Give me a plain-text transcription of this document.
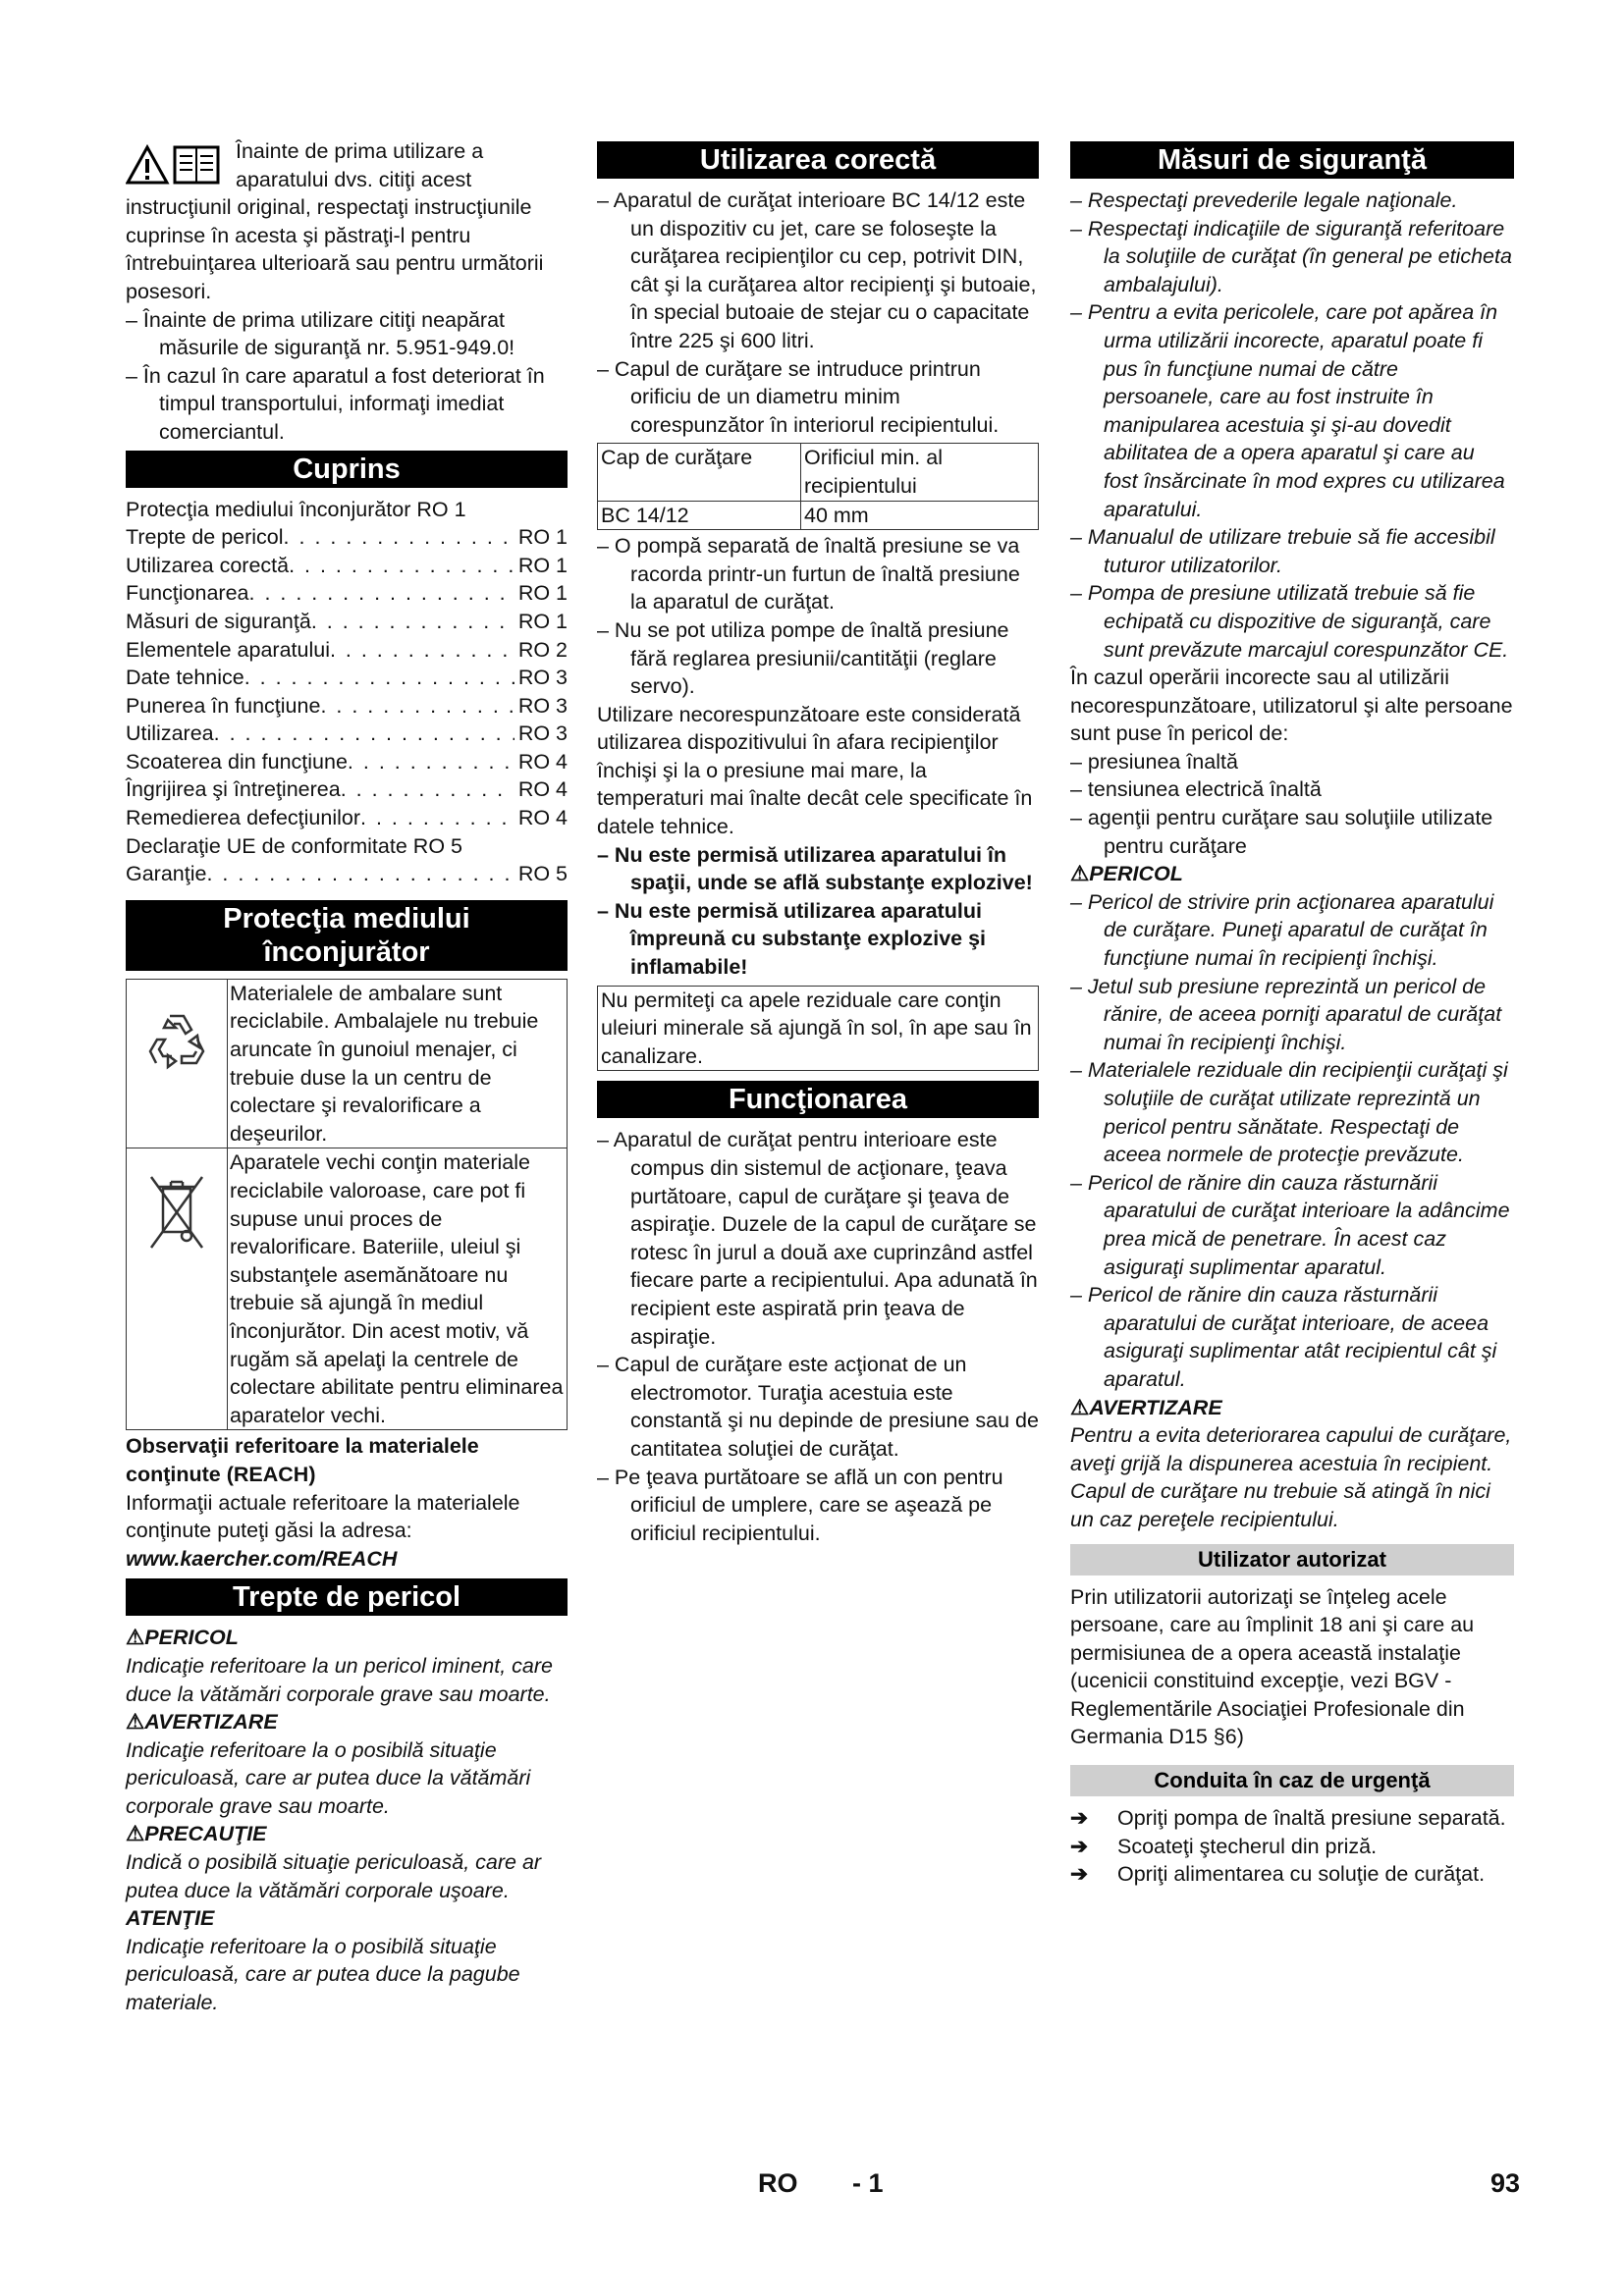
Înainte de prima utilizare a aparatului dvs. citiţi acest instrucţiunil original, respectaţi instrucţiunile cuprinse în acesta şi păstraţi-l pentru întrebuinţarea ulterioară sau pentru următorii posesori.

– Înainte de prima utilizare citiţi neapărat măsurile de siguranţă nr. 5.951-949.0!

– În cazul în care aparatul a fost deteriorat în timpul transportului, informaţi imediat comerciantul.

Cuprins
Protecţia mediului înconjurător RO 1
Trepte de pericol . . .	RO 1
Utilizarea corectă . . .	RO 1
Funcţionarea . . .	RO 1
Măsuri de siguranţă . . .	RO 1
Elementele aparatului . . .	RO 2
Date tehnice . . .	RO 3
Punerea în funcţiune . . .	RO 3
Utilizarea . . .	RO 3
Scoaterea din funcţiune . . .	RO 4
Îngrijirea şi întreţinerea . . .	RO 4
Remedierea defecţiunilor . . .	RO 4
Declaraţie UE de conformitate RO 5
Garanţie . . .	RO 5
Protecţia mediului
înconjurător
	Materialele de ambalare sunt reciclabile. Ambalajele nu trebuie aruncate în gunoiul menajer, ci trebuie duse la un centru de colectare şi revalorificare a deşeurilor.
	Aparatele vechi conţin materiale reciclabile valoroase, care pot fi supuse unui proces de revalorificare. Bateriile, uleiul şi substanţele asemănătoare nu trebuie să ajungă în mediul înconjurător. Din acest motiv, vă rugăm să apelaţi la centrele de colectare abilitate pentru eliminarea aparatelor vechi.

Observaţii referitoare la materialele conţinute (REACH)

Informaţii actuale referitoare la materialele conţinute puteţi găsi la adresa:

www.kaercher.com/REACH

Trepte de pericol

⚠PERICOL

Indicaţie referitoare la un pericol iminent, care duce la vătămări corporale grave sau moarte.

⚠AVERTIZARE

Indicaţie referitoare la o posibilă situaţie periculoasă, care ar putea duce la vătămări corporale grave sau moarte.

⚠PRECAUŢIE

Indică o posibilă situaţie periculoasă, care ar putea duce la vătămări corporale uşoare.

ATENŢIE

Indicaţie referitoare la o posibilă situaţie periculoasă, care ar putea duce la pagube materiale.

Utilizarea corectă

– Aparatul de curăţat interioare BC 14/12 este un dispozitiv cu jet, care se foloseşte la curăţarea recipienţilor cu cep, potrivit DIN, cât şi la curăţarea altor recipienţi şi butoaie, în special butoaie de stejar cu o capacitate între 225 şi 600 litri.

– Capul de curăţare se intruduce printrun orificiu de un diametru minim corespunzător în interiorul recipientului.

Cap de curăţare	Orificiul min. al recipientului
BC 14/12	40 mm

– O pompă separată de înaltă presiune se va racorda printr-un furtun de înaltă presiune la aparatul de curăţat.

– Nu se pot utiliza pompe de înaltă presiune fără reglarea presiunii/cantităţii (reglare servo).

Utilizare necorespunzătoare este considerată utilizarea dispozitivului în afara recipienţilor închişi şi la o presiune mai mare, la temperaturi mai înalte decât cele specificate în datele tehnice.

– Nu este permisă utilizarea aparatului în spaţii, unde se află substanţe explozive!

– Nu este permisă utilizarea aparatului împreună cu substanţe explozive şi inflamabile!

Nu permiteţi ca apele reziduale care conţin uleiuri minerale să ajungă în sol, în ape sau în canalizare.
Funcţionarea

– Aparatul de curăţat pentru interioare este compus din sistemul de acţionare, ţeava purtătoare, capul de curăţare şi ţeava de aspiraţie. Duzele de la capul de curăţare se rotesc în jurul a două axe cuprinzând astfel fiecare parte a recipientului. Apa adunată în recipient este aspirată prin ţeava de aspiraţie.

– Capul de curăţare este acţionat de un electromotor. Turaţia acestuia este constantă şi nu depinde de presiune sau de cantitatea soluţiei de curăţat.

– Pe ţeava purtătoare se află un con pentru orificiul de umplere, care se aşează pe orificiul recipientului.

Măsuri de siguranţă

– Respectaţi prevederile legale naţionale.

– Respectaţi indicaţiile de siguranţă referitoare la soluţiile de curăţat (în general pe eticheta ambalajului).

– Pentru a evita pericolele, care pot apărea în urma utilizării incorecte, aparatul poate fi pus în funcţiune numai de către persoanele, care au fost instruite în manipularea acestuia şi şi-au dovedit abilitatea de a opera aparatul şi care au fost însărcinate în mod expres cu utilizarea aparatului.

– Manualul de utilizare trebuie să fie accesibil tuturor utilizatorilor.

– Pompa de presiune utilizată trebuie să fie echipată cu dispozitive de siguranţă, care sunt prevăzute marcajul corespunzător CE.

În cazul operării incorecte sau al utilizării necorespunzătoare, utilizatorul şi alte persoane sunt puse în pericol de:

– presiunea înaltă

– tensiunea electrică înaltă

– agenţii pentru curăţare sau soluţiile utilizate pentru curăţare

⚠PERICOL

– Pericol de strivire prin acţionarea aparatului de curăţare. Puneţi aparatul de curăţat în funcţiune numai în recipienţi închişi.

– Jetul sub presiune reprezintă un pericol de rănire, de aceea porniţi aparatul de curăţat numai în recipienţi închişi.

– Materialele reziduale din recipienţii curăţaţi şi soluţiile de curăţat utilizate reprezintă un pericol pentru sănătate. Respectaţi de aceea normele de protecţie prevăzute.

– Pericol de rănire din cauza răsturnării aparatului de curăţat interioare la adâncime prea mică de penetrare. În acest caz asiguraţi suplimentar aparatul.

– Pericol de rănire din cauza răsturnării aparatului de curăţat interioare, de aceea asiguraţi suplimentar atât recipientul cât şi aparatul.

⚠AVERTIZARE

Pentru a evita deteriorarea capului de curăţare, aveţi grijă la dispunerea acestuia în recipient. Capul de curăţare nu trebuie să atingă în nici un caz pereţele recipientului.

Utilizator autorizat

Prin utilizatorii autorizaţi se înţeleg acele persoane, care au împlinit 18 ani şi care au permisiunea de a opera această instalaţie (ucenicii constituind excepţie, vezi BGV - Reglementările Asociaţiei Profesionale din Germania D15 §6)

Conduita în caz de urgenţă
➔	Opriţi pompa de înaltă presiune separată.
➔	Scoateţi ştecherul din priză.
➔	Opriţi alimentarea cu soluţie de curăţat.
RO - 1	93
